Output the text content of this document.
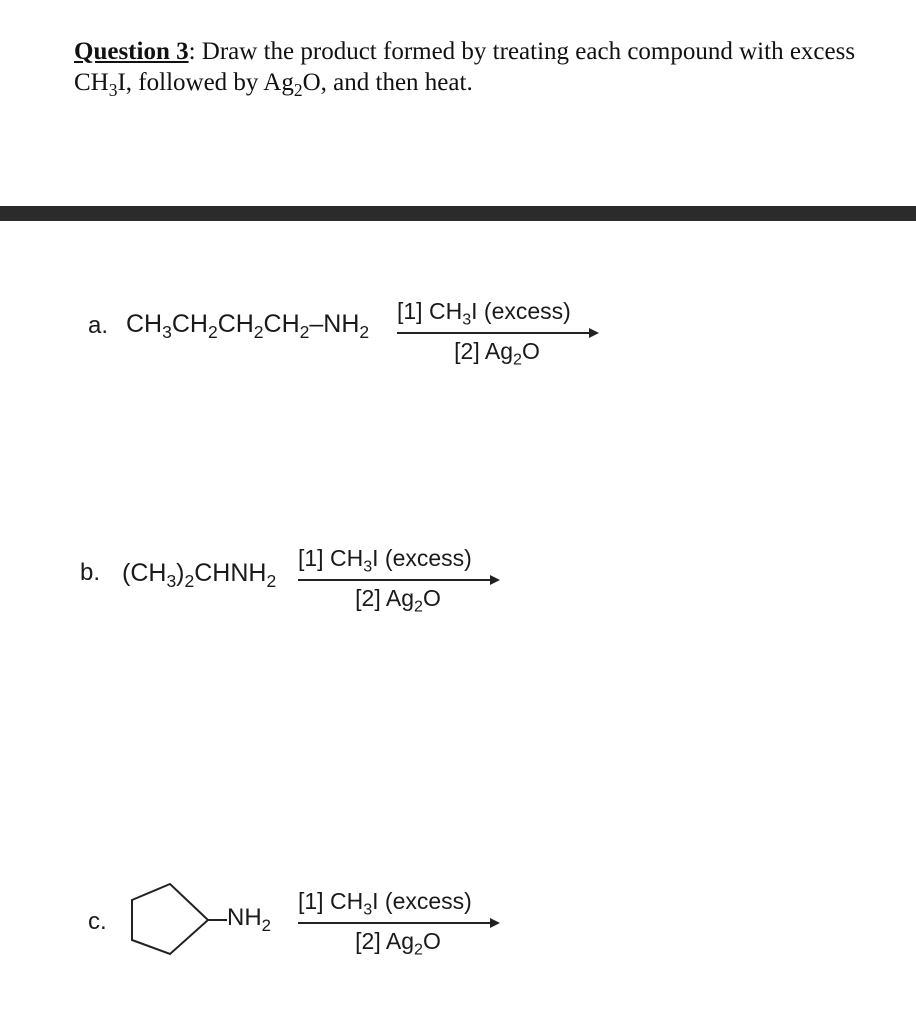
Question 3: Draw the product formed by treating each compound with excess $CH_3I$, followed by $Ag_2O$, and then heat.
a. $CH_3CH_2CH_2CH_2-NH_2$
[1] $CH_3I$ (excess)
[2] $Ag_2O$
b. $(CH_3)_2CHNH_2$
[1] $CH_3I$ (excess)
[2] $Ag_2O$
c.	$NH_2$
[1] $CH_3I$ (excess)
[2] $Ag_2O$
